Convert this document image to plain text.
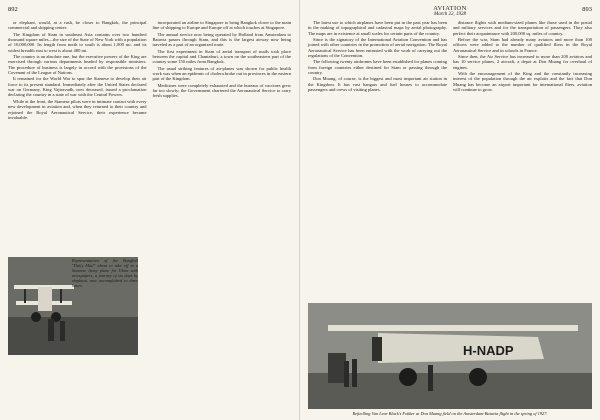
892

or elephant, would, at a rush, be closer to Bangkok, the principal commercial and shipping center.

The Kingdom of Siam in southeast Asia contains over two hundred thousand square miles—the size of the State of New York with a population of 10,000,000. Its length from north to south is about 1,000 mi. and its widest breadth east to west is about 480 mi.

The country is an absolute one, but the executive powers of the King are exercised through various departments headed by responsible ministers. The procedure of business is largely in accord with the provisions of the Covenant of the League of Nations.

It remained for the World War to spur the Siamese to develop their air force to its present standard. Immediately after the United States declared war on Germany, King Vajiravudh, now deceased, issued a proclamation declaring the country in a state of war with the Central Powers.

While at the front, the Siamese pilots were in intimate contact with every new development in aviation and, when they returned to their country and rejoined the Royal Aeronautical Service, their experience became invaluable.

incorporated an airline to Singapore to bring Bangkok closer to the main line of shipping to Europe and Europe off at which touches at Singapore.

The annual service now being operated by Holland from Amsterdam to Batavia passes through Siam, and this is the largest airway now being traveled as a part of an organized route.

The first experiment in Siam of aerial transport of mails took place between the capital and Chantaburi, a town on the southeastern part of the country some 150 miles from Bangkok.

The usual striking features of air-planes was shown for public health work was when an epidemic of cholera broke out in provinces in the eastern part of the Kingdom.

Medicines were completely exhausted and the bureaus of vaccines grew far too slowly; the Government chartered the Aeronautical Service to carry fresh supplies.

Representatives of the Bangkok "Daily Mail" about to take off in a Siamese Army plane for Ubon with newspapers, a journey of six days by elephant, now accomplished in three hours.
AVIATION
March 22, 1928
893

The latest use to which airplanes have been put in the past year has been in the making of topographical and cadastral maps by aerial photography. The maps are in existence at small scales for certain parts of the country.

Since is the signatory of the International Aviation Convention and has joined with other countries in the promotion of aerial navigation. The Royal Aeronautical Service has been entrusted with the work of carrying out the regulations of the Convention.

The following twenty airdromes have been established for planes coming from foreign countries either destined for Siam or passing through the country.

Don Muang, of course, is the biggest and most important air station in the Kingdom. It has vast hangars and fuel houses to accommodate passengers and crews of visiting planes.

distance flights with medium-sized planes like those used in the postal and military services and for the transportation of passengers. They also perfect their acquaintance with 200,000 sq. miles of country.

Before the war, Siam had already many aviators and more than 100 officers were added to the number of qualified fliers in the Royal Aeronautical Service and in schools in France.

Since then, the Air Service has increased to more than 200 aviators and has 10 service planes, 2 aircraft, a depot at Don Muang for overhaul of engines.

With the encouragement of the King and the constantly increasing interest of the population through the air exploits and the fact that Don Muang has become an airport important for international fliers, aviation will continue to grow.

H-NADP
Refuelling Van Lear Black's Fokker at Don Muang field on the Amsterdam-Batavia flight in the spring of 1927.
